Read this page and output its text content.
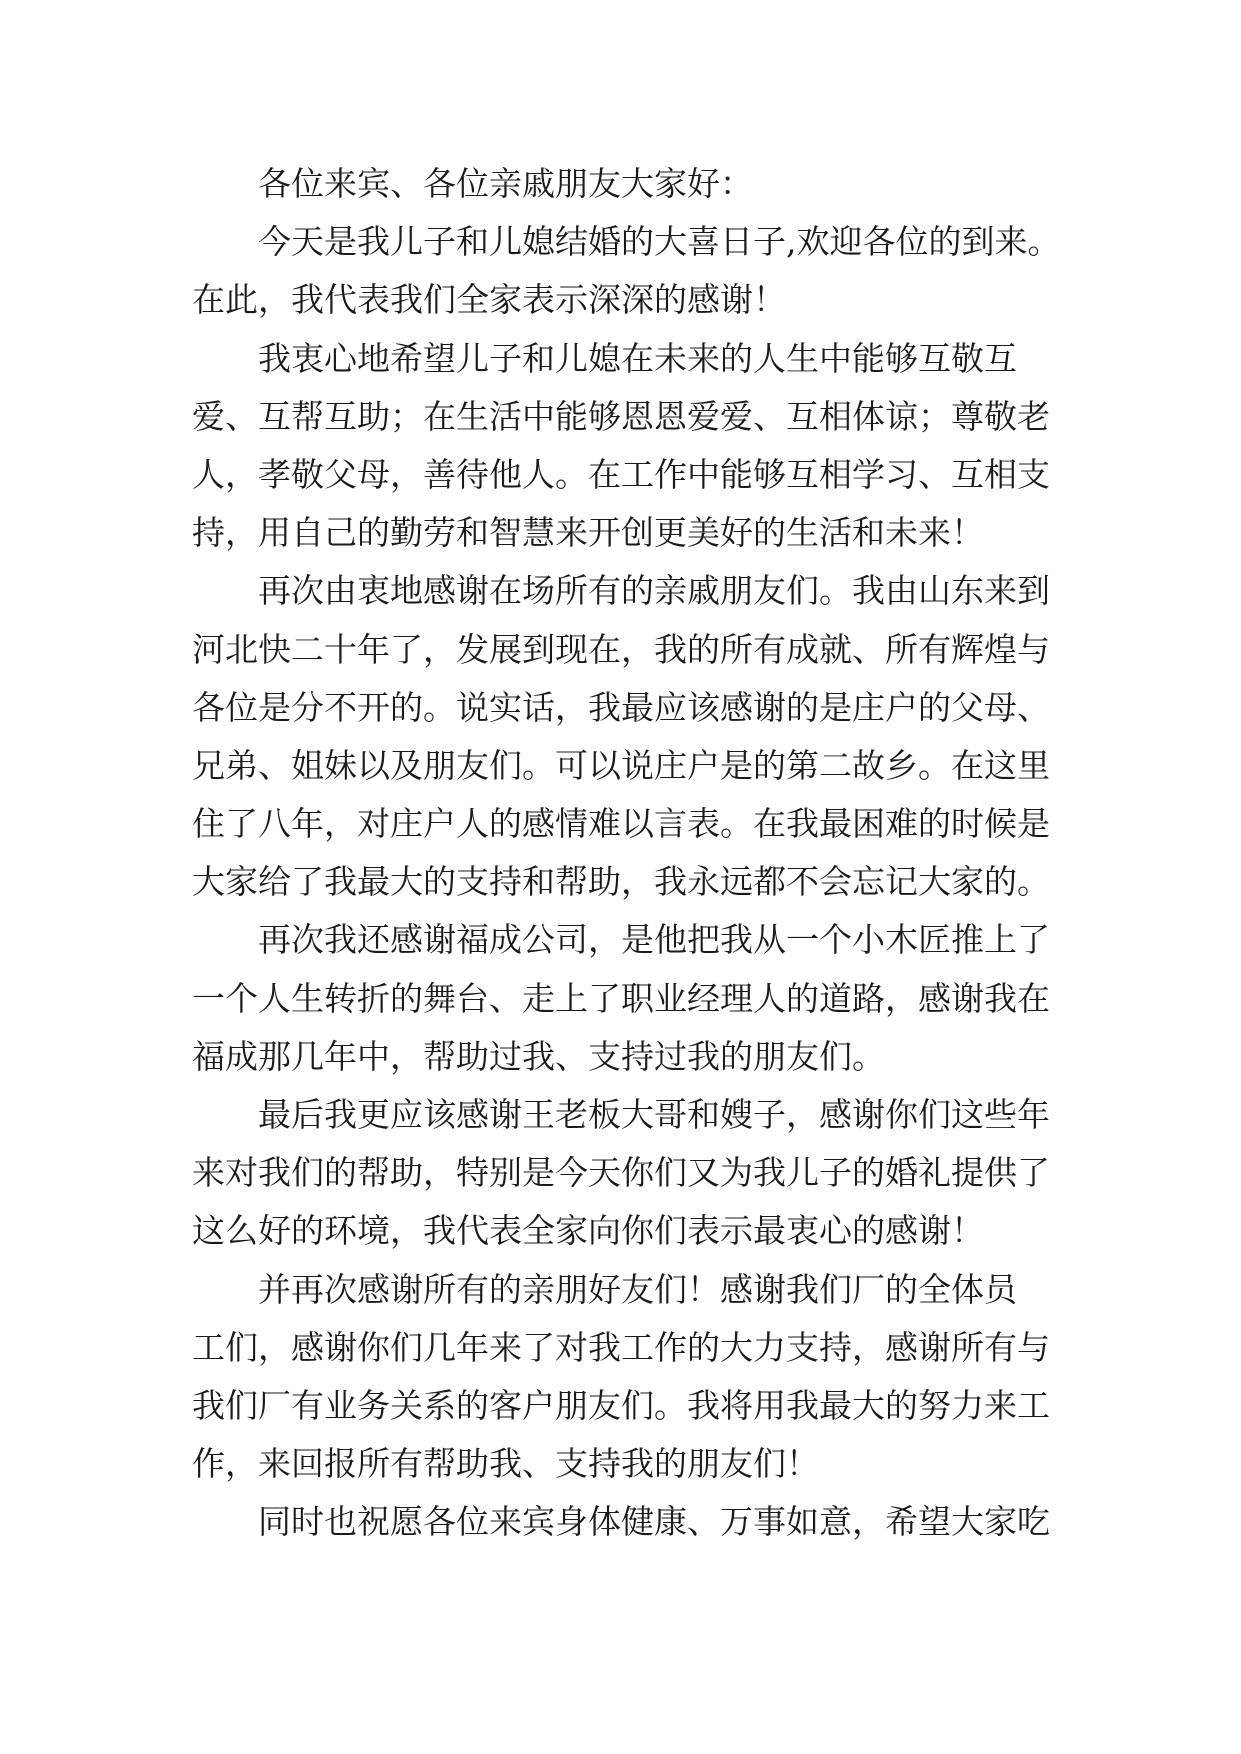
各位来宾、各位亲戚朋友大家好：
今天是我儿子和儿媳结婚的大喜日子,欢迎各位的到来。
在此，我代表我们全家表示深深的感谢！
我衷心地希望儿子和儿媳在未来的人生中能够互敬互
爱、互帮互助；在生活中能够恩恩爱爱、互相体谅；尊敬老
人，孝敬父母，善待他人。在工作中能够互相学习、互相支
持，用自己的勤劳和智慧来开创更美好的生活和未来！
再次由衷地感谢在场所有的亲戚朋友们。我由山东来到
河北快二十年了，发展到现在，我的所有成就、所有辉煌与
各位是分不开的。说实话，我最应该感谢的是庄户的父母、
兄弟、姐妹以及朋友们。可以说庄户是的第二故乡。在这里
住了八年，对庄户人的感情难以言表。在我最困难的时候是
大家给了我最大的支持和帮助，我永远都不会忘记大家的。
再次我还感谢福成公司，是他把我从一个小木匠推上了
一个人生转折的舞台、走上了职业经理人的道路，感谢我在
福成那几年中，帮助过我、支持过我的朋友们。
最后我更应该感谢王老板大哥和嫂子，感谢你们这些年
来对我们的帮助，特别是今天你们又为我儿子的婚礼提供了
这么好的环境，我代表全家向你们表示最衷心的感谢！
并再次感谢所有的亲朋好友们！感谢我们厂的全体员
工们，感谢你们几年来了对我工作的大力支持，感谢所有与
我们厂有业务关系的客户朋友们。我将用我最大的努力来工
作，来回报所有帮助我、支持我的朋友们！
同时也祝愿各位来宾身体健康、万事如意，希望大家吃
